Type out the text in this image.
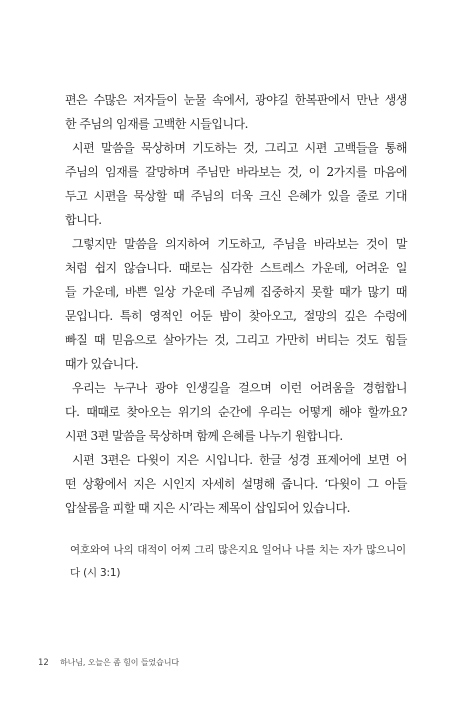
편은 수많은 저자들이 눈물 속에서, 광야길 한복판에서 만난 생생
한 주님의 임재를 고백한 시들입니다.
시편 말씀을 묵상하며 기도하는 것, 그리고 시편 고백들을 통해
주님의 임재를 갈망하며 주님만 바라보는 것, 이 2가지를 마음에
두고 시편을 묵상할 때 주님의 더욱 크신 은혜가 있을 줄로 기대
합니다.
그렇지만 말씀을 의지하여 기도하고, 주님을 바라보는 것이 말
처럼 쉽지 않습니다. 때로는 심각한 스트레스 가운데, 어려운 일
들 가운데, 바쁜 일상 가운데 주님께 집중하지 못할 때가 많기 때
문입니다. 특히 영적인 어둔 밤이 찾아오고, 절망의 깊은 수렁에
빠질 때 믿음으로 살아가는 것, 그리고 가만히 버티는 것도 힘들
때가 있습니다.
우리는 누구나 광야 인생길을 걸으며 이런 어려움을 경험합니
다. 때때로 찾아오는 위기의 순간에 우리는 어떻게 해야 할까요?
시편 3편 말씀을 묵상하며 함께 은혜를 나누기 원합니다.
시편 3편은 다윗이 지은 시입니다. 한글 성경 표제어에 보면 어
떤 상황에서 지은 시인지 자세히 설명해 줍니다. ‘다윗이 그 아들
압살롬을 피할 때 지은 시’라는 제목이 삽입되어 있습니다.
여호와여 나의 대적이 어찌 그리 많은지요 일어나 나를 치는 자가 많으니이
다 (시 3:1)
12 하나님, 오늘은 좀 힘이 들었습니다
